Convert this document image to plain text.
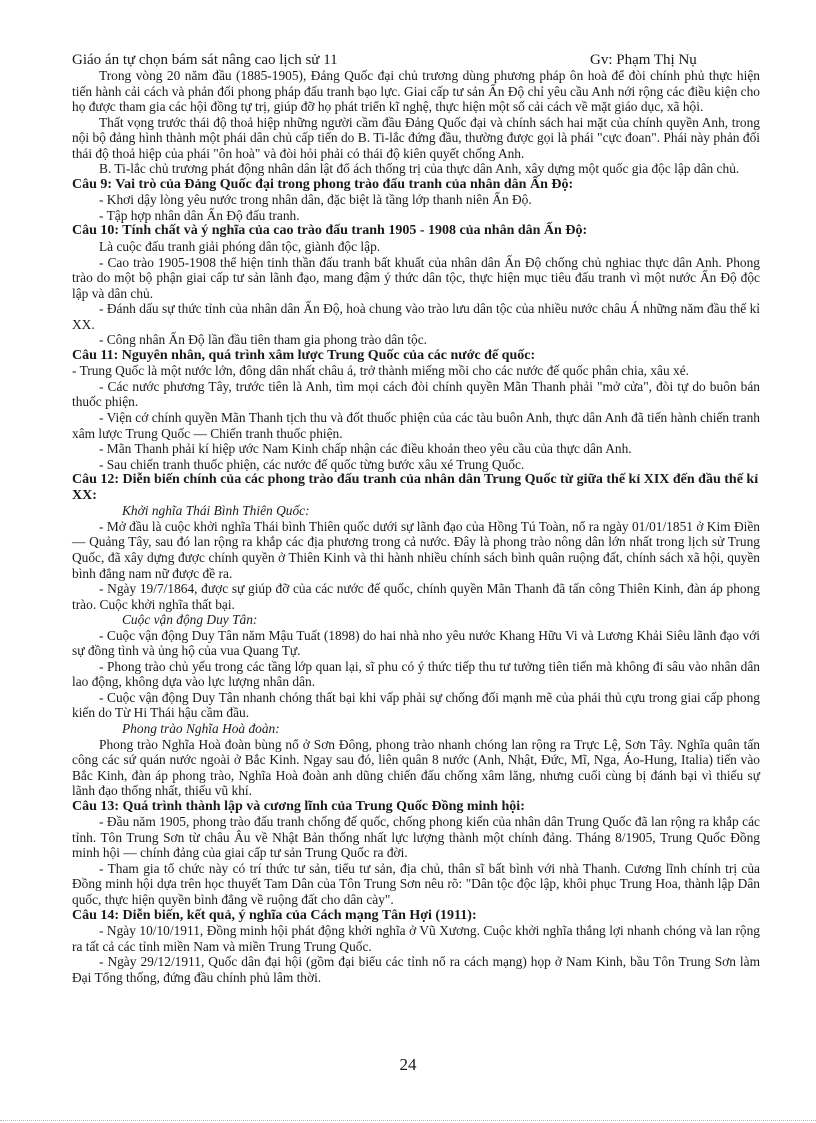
Giáo án tự chọn bám sát nâng cao lịch sử 11	Gv: Phạm Thị Nụ

Trong vòng 20 năm đầu (1885-1905), Đảng Quốc đại chủ trương dùng phương pháp ôn hoà để đòi chính phủ thực hiện tiến hành cải cách và phản đối phong pháp đấu tranh bạo lực. Giai cấp tư sản Ấn Độ chỉ yêu cầu Anh nới rộng các điều kiện cho họ được tham gia các hội đồng tự trị, giúp đỡ họ phát triển kĩ nghệ, thực hiện một số cải cách về mặt giáo dục, xã hội.

Thất vọng trước thái độ thoả hiệp những người cầm đầu Đảng Quốc đại và chính sách hai mặt của chính quyền Anh, trong nội bộ đảng hình thành một phái dân chủ cấp tiến do B. Ti-lắc đứng đầu, thường được gọi là phái "cực đoan". Phái này phản đối thái độ thoả hiệp của phái "ôn hoà" và đòi hỏi phải có thái độ kiên quyết chống Anh.

B. Ti-lắc chủ trương phát động nhân dân lật đổ ách thống trị của thực dân Anh, xây dựng một quốc gia độc lập dân chủ.

Câu 9: Vai trò của Đảng Quốc đại trong phong trào đấu tranh của nhân dân Ấn Độ:

- Khơi dậy lòng yêu nước trong nhân dân, đặc biệt là tầng lớp thanh niên Ấn Độ.

- Tập hợp nhân dân Ấn Độ đấu tranh.

Câu 10: Tính chất và ý nghĩa của cao trào đấu tranh 1905 - 1908 của nhân dân Ấn Độ:

Là cuộc đấu tranh giải phóng dân tộc, giành độc lập.

- Cao trào 1905-1908 thể hiện tinh thần đấu tranh bất khuất của nhân dân Ấn Độ chống chủ nghiac thực dân Anh. Phong trào do một bộ phận giai cấp tư sản lãnh đạo, mang đậm ý thức dân tộc, thực hiện mục tiêu đấu tranh vì một nước Ấn Độ độc lập và dân chủ.

- Đánh dấu sự thức tỉnh của nhân dân Ấn Độ, hoà chung vào trào lưu dân tộc của nhiều nước châu Á những năm đầu thế kỉ XX.

- Công nhân Ấn Độ lần đầu tiên tham gia phong trào dân tộc.

Câu 11: Nguyên nhân, quá trình xâm lược Trung Quốc của các nước đế quốc:

- Trung Quốc là một nước lớn, đông dân nhất châu á, trở thành miếng mồi cho các nước đế quốc phân chia, xâu xé.

- Các nước phương Tây, trước tiên là Anh, tìm mọi cách đòi chính quyền Mãn Thanh phải "mở cửa", đòi tự do buôn bán thuốc phiện.

- Viện cớ chính quyền Mãn Thanh tịch thu và đốt thuốc phiện của các tàu buôn Anh, thực dân Anh đã tiến hành chiến tranh xâm lược Trung Quốc — Chiến tranh thuốc phiện.

- Mãn Thanh phải kí hiệp ước Nam Kinh chấp nhận các điều khoản theo yêu cầu của thực dân Anh.

- Sau chiến tranh thuốc phiện, các nước đế quốc từng bước xâu xé Trung Quốc.

Câu 12: Diễn biến chính của các phong trào đấu tranh của nhân dân Trung Quốc từ giữa thế kỉ XIX đến đầu thế kỉ XX:

Khởi nghĩa Thái Bình Thiên Quốc:

- Mở đầu là cuộc khởi nghĩa Thái bình Thiên quốc dưới sự lãnh đạo của Hồng Tú Toàn, nổ ra ngày 01/01/1851 ở Kim Điền — Quảng Tây, sau đó lan rộng ra khắp các địa phương trong cả nước. Đây là phong trào nông dân lớn nhất trong lịch sử Trung Quốc, đã xây dựng được chính quyền ở Thiên Kinh và thi hành nhiều chính sách bình quân ruộng đất, chính sách xã hội, quyền bình đẳng nam nữ được đề ra.

- Ngày 19/7/1864, được sự giúp đỡ của các nước đế quốc, chính quyền Mãn Thanh đã tấn công Thiên Kinh, đàn áp phong trào. Cuộc khởi nghĩa thất bại.

Cuộc vận động Duy Tân:

- Cuộc vận động Duy Tân năm Mậu Tuất (1898) do hai nhà nho yêu nước Khang Hữu Vi và Lương Khải Siêu lãnh đạo với sự đồng tình và ủng hộ của vua Quang Tự.

- Phong trào chủ yếu trong các tầng lớp quan lại, sĩ phu có ý thức tiếp thu tư tưởng tiên tiến mà không đi sâu vào nhân dân lao động, không dựa vào lực lượng nhân dân.

- Cuộc vận động Duy Tân nhanh chóng thất bại khi vấp phải sự chống đối mạnh mẽ của phái thủ cựu trong giai cấp phong kiến do Từ Hi Thái hậu cầm đầu.

Phong trào Nghĩa Hoà đoàn:

Phong trào Nghĩa Hoà đoàn bùng nổ ở Sơn Đông, phong trào nhanh chóng lan rộng ra Trực Lệ, Sơn Tây. Nghĩa quân tấn công các sứ quán nước ngoài ở Bắc Kinh. Ngay sau đó, liên quân 8 nước (Anh, Nhật, Đức, Mĩ, Nga, Áo-Hung, Italia) tiến vào Bắc Kinh, đàn áp phong trào, Nghĩa Hoà đoàn anh dũng chiến đấu chống xâm lăng, nhưng cuối cùng bị đánh bại vì thiếu sự lãnh đạo thống nhất, thiếu vũ khí.

Câu 13: Quá trình thành lập và cương lĩnh của Trung Quốc Đồng minh hội:

- Đầu năm 1905, phong trào đấu tranh chống đế quốc, chống phong kiến của nhân dân Trung Quốc đã lan rộng ra khắp các tỉnh. Tôn Trung Sơn từ châu Âu về Nhật Bản thống nhất lực lượng thành một chính đảng. Tháng 8/1905, Trung Quốc Đồng minh hội — chính đảng của giai cấp tư sản Trung Quốc ra đời.

- Tham gia tổ chức này có trí thức tư sản, tiểu tư sản, địa chủ, thân sĩ bất bình với nhà Thanh. Cương lĩnh chính trị của Đồng minh hội dựa trên học thuyết Tam Dân của Tôn Trung Sơn nêu rõ: "Dân tộc độc lập, khôi phục Trung Hoa, thành lập Dân quốc, thực hiện quyền bình đẳng về ruộng đất cho dân cày".

Câu 14: Diễn biến, kết quả, ý nghĩa của Cách mạng Tân Hợi (1911):

- Ngày 10/10/1911, Đồng minh hội phát động khởi nghĩa ở Vũ Xương. Cuộc khởi nghĩa thắng lợi nhanh chóng và lan rộng ra tất cả các tỉnh miền Nam và miền Trung Trung Quốc.

- Ngày 29/12/1911, Quốc dân đại hội (gồm đại biểu các tỉnh nổ ra cách mạng) họp ở Nam Kinh, bầu Tôn Trung Sơn làm Đại Tổng thống, đứng đầu chính phủ lâm thời.

24
